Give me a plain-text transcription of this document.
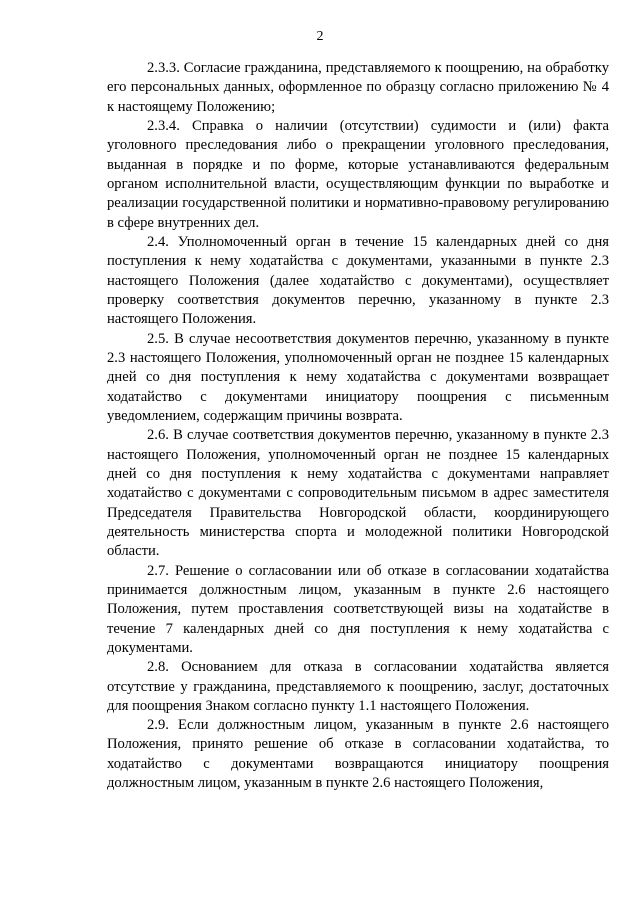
2

2.3.3. Согласие гражданина, представляемого к поощрению, на обработку его персональных данных, оформленное по образцу согласно приложению № 4 к настоящему Положению;

2.3.4. Справка о наличии (отсутствии) судимости и (или) факта уголовного преследования либо о прекращении уголовного преследования, выданная в порядке и по форме, которые устанавливаются федеральным органом исполнительной власти, осуществляющим функции по выработке и реализации государственной политики и нормативно-правовому регулированию в сфере внутренних дел.

2.4. Уполномоченный орган в течение 15 календарных дней со дня поступления к нему ходатайства с документами, указанными в пункте 2.3 настоящего Положения (далее ходатайство с документами), осуществляет проверку соответствия документов перечню, указанному в пункте 2.3 настоящего Положения.

2.5. В случае несоответствия документов перечню, указанному в пункте 2.3 настоящего Положения, уполномоченный орган не позднее 15 календарных дней со дня поступления к нему ходатайства с документами возвращает ходатайство с документами инициатору поощрения с письменным уведомлением, содержащим причины возврата.

2.6. В случае соответствия документов перечню, указанному в пункте 2.3 настоящего Положения, уполномоченный орган не позднее 15 календарных дней со дня поступления к нему ходатайства с документами направляет ходатайство с документами с сопроводительным письмом в адрес заместителя Председателя Правительства Новгородской области, координирующего деятельность министерства спорта и молодежной политики Новгородской области.

2.7. Решение о согласовании или об отказе в согласовании ходатайства принимается должностным лицом, указанным в пункте 2.6 настоящего Положения, путем проставления соответствующей визы на ходатайстве в течение 7 календарных дней со дня поступления к нему ходатайства с документами.

2.8. Основанием для отказа в согласовании ходатайства является отсутствие у гражданина, представляемого к поощрению, заслуг, достаточных для поощрения Знаком согласно пункту 1.1 настоящего Положения.

2.9. Если должностным лицом, указанным в пункте 2.6 настоящего Положения, принято решение об отказе в согласовании ходатайства, то ходатайство с документами возвращаются инициатору поощрения должностным лицом, указанным в пункте 2.6 настоящего Положения,
